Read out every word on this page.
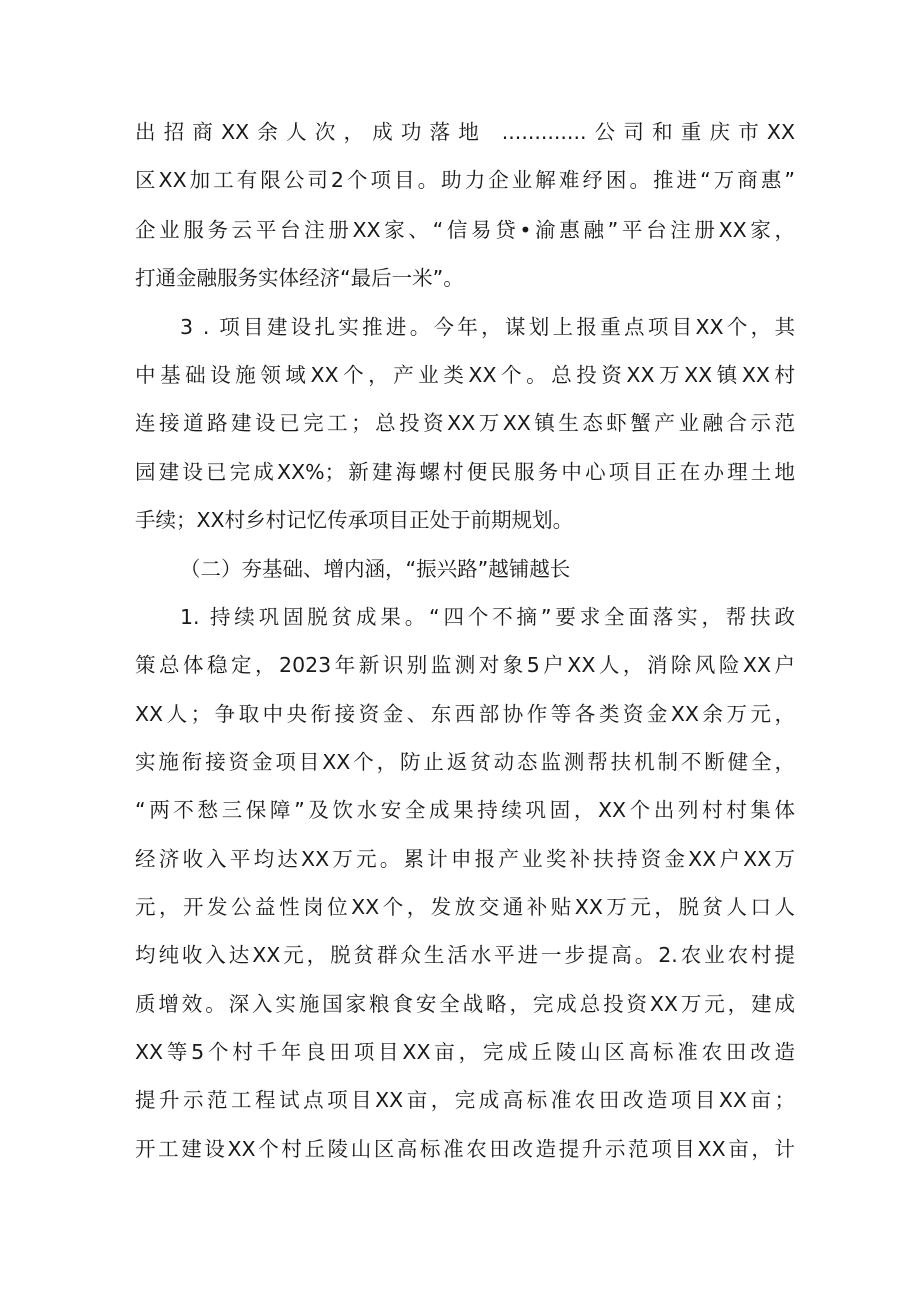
出招商XX余人次，成功落地 .............公司和重庆市XX
区XX加工有限公司2个项目。助力企业解难纾困。推进“万商惠”
企业服务云平台注册XX家、“信易贷•渝惠融”平台注册XX家，
打通金融服务实体经济“最后一米”。
3 . 项目建设扎实推进。今年，谋划上报重点项目XX个，其
中基础设施领域XX个，产业类XX个。总投资XX万XX镇XX村
连接道路建设已完工；总投资XX万XX镇生态虾蟹产业融合示范
园建设已完成XX%；新建海螺村便民服务中心项目正在办理土地
手续；XX村乡村记忆传承项目正处于前期规划。
（二）夯基础、增内涵，“振兴路”越铺越长
1. 持续巩固脱贫成果。“四个不摘”要求全面落实，帮扶政
策总体稳定，2023年新识别监测对象5户XX人，消除风险XX户
XX人；争取中央衔接资金、东西部协作等各类资金XX余万元，
实施衔接资金项目XX个，防止返贫动态监测帮扶机制不断健全，
“两不愁三保障”及饮水安全成果持续巩固，XX个出列村村集体
经济收入平均达XX万元。累计申报产业奖补扶持资金XX户XX万
元，开发公益性岗位XX个，发放交通补贴XX万元，脱贫人口人
均纯收入达XX元，脱贫群众生活水平进一步提高。2.农业农村提
质增效。深入实施国家粮食安全战略，完成总投资XX万元，建成
XX等5个村千年良田项目XX亩，完成丘陵山区高标准农田改造
提升示范工程试点项目XX亩，完成高标准农田改造项目XX亩；
开工建设XX个村丘陵山区高标准农田改造提升示范项目XX亩，计
